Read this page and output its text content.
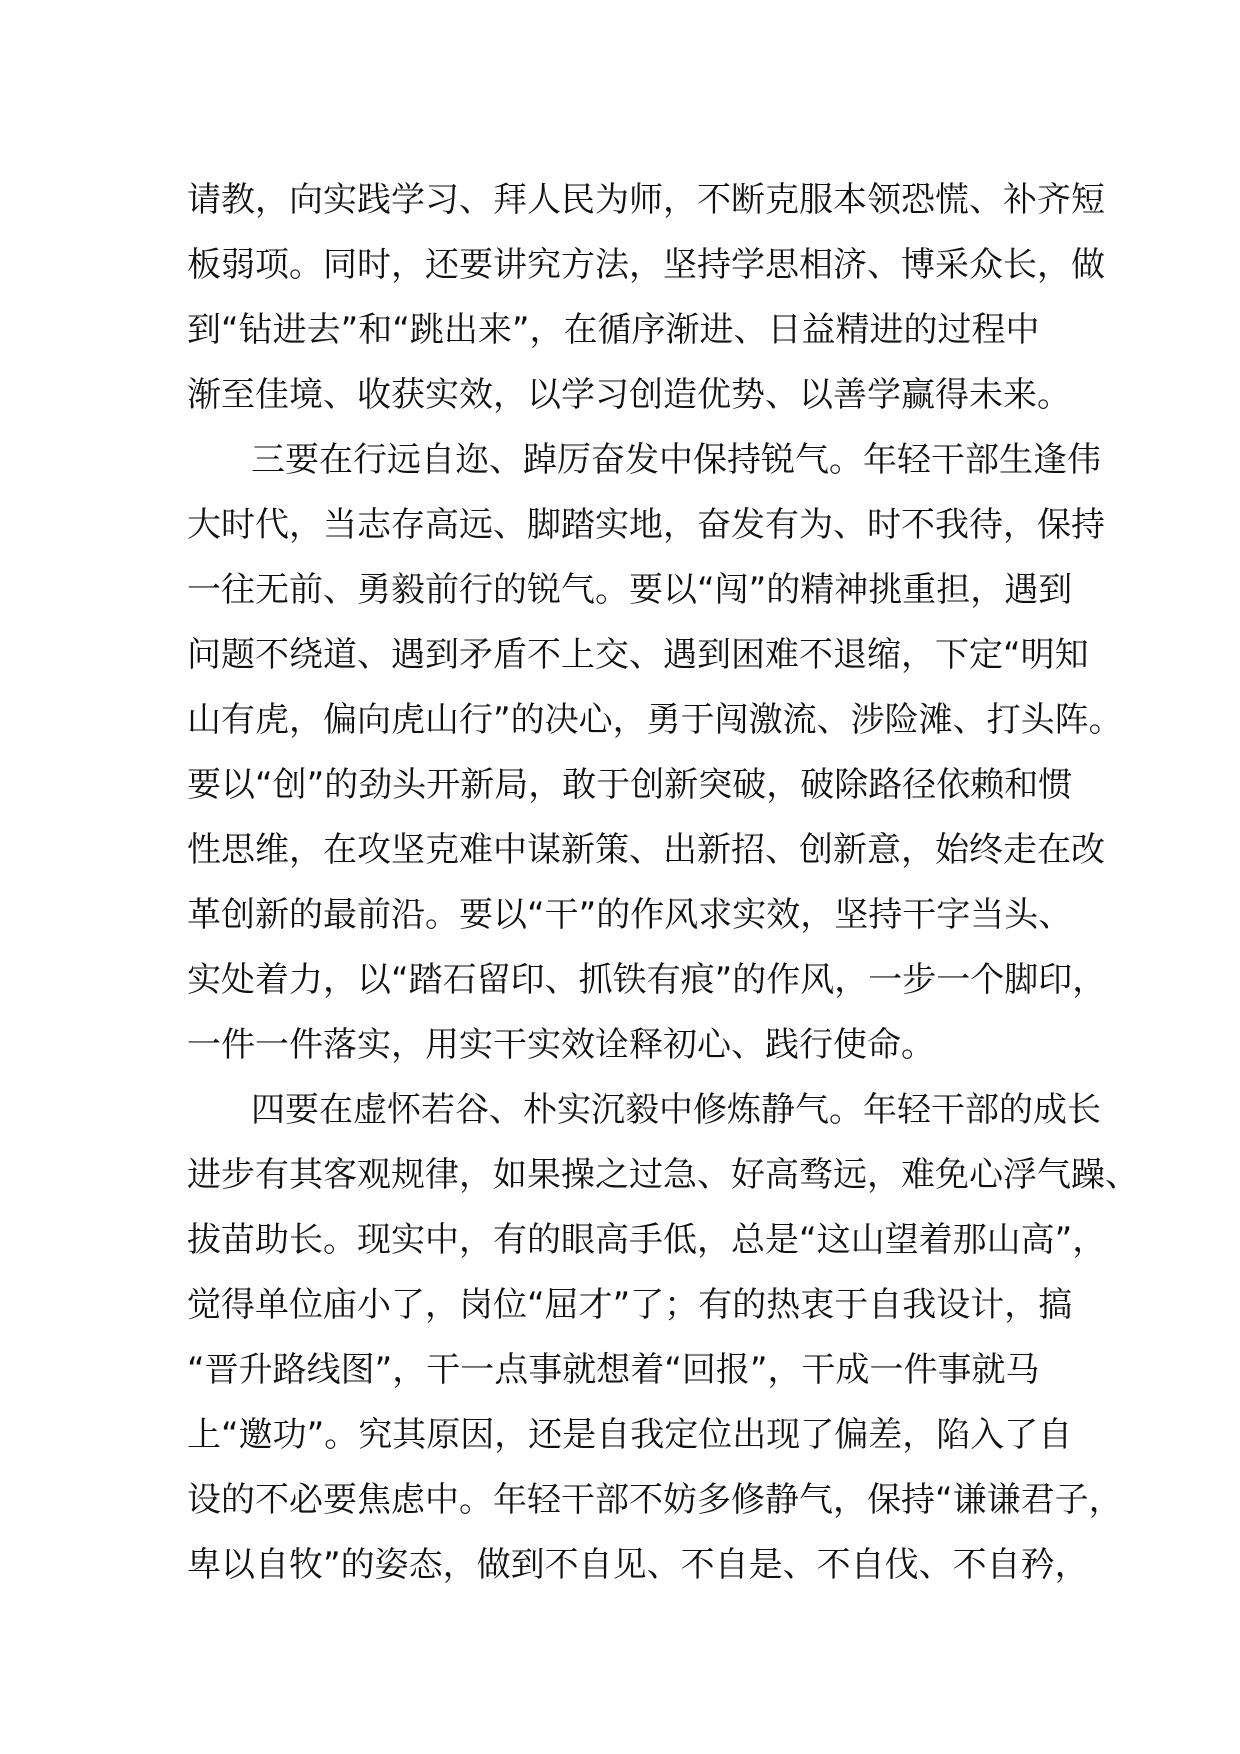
请教，向实践学习、拜人民为师，不断克服本领恐慌、补齐短

板弱项。同时，还要讲究方法，坚持学思相济、博采众长，做

到“钻进去”和“跳出来”，在循序渐进、日益精进的过程中

渐至佳境、收获实效，以学习创造优势、以善学赢得未来。

三要在行远自迩、踔厉奋发中保持锐气。年轻干部生逢伟

大时代，当志存高远、脚踏实地，奋发有为、时不我待，保持

一往无前、勇毅前行的锐气。要以“闯”的精神挑重担，遇到

问题不绕道、遇到矛盾不上交、遇到困难不退缩，下定“明知

山有虎，偏向虎山行”的决心，勇于闯激流、涉险滩、打头阵。

要以“创”的劲头开新局，敢于创新突破，破除路径依赖和惯

性思维，在攻坚克难中谋新策、出新招、创新意，始终走在改

革创新的最前沿。要以“干”的作风求实效，坚持干字当头、

实处着力，以“踏石留印、抓铁有痕”的作风，一步一个脚印，

一件一件落实，用实干实效诠释初心、践行使命。

四要在虚怀若谷、朴实沉毅中修炼静气。年轻干部的成长

进步有其客观规律，如果操之过急、好高骛远，难免心浮气躁、

拔苗助长。现实中，有的眼高手低，总是“这山望着那山高”，

觉得单位庙小了，岗位“屈才”了；有的热衷于自我设计，搞

“晋升路线图”，干一点事就想着“回报”，干成一件事就马

上“邀功”。究其原因，还是自我定位出现了偏差，陷入了自

设的不必要焦虑中。年轻干部不妨多修静气，保持“谦谦君子，

卑以自牧”的姿态，做到不自见、不自是、不自伐、不自矜，
